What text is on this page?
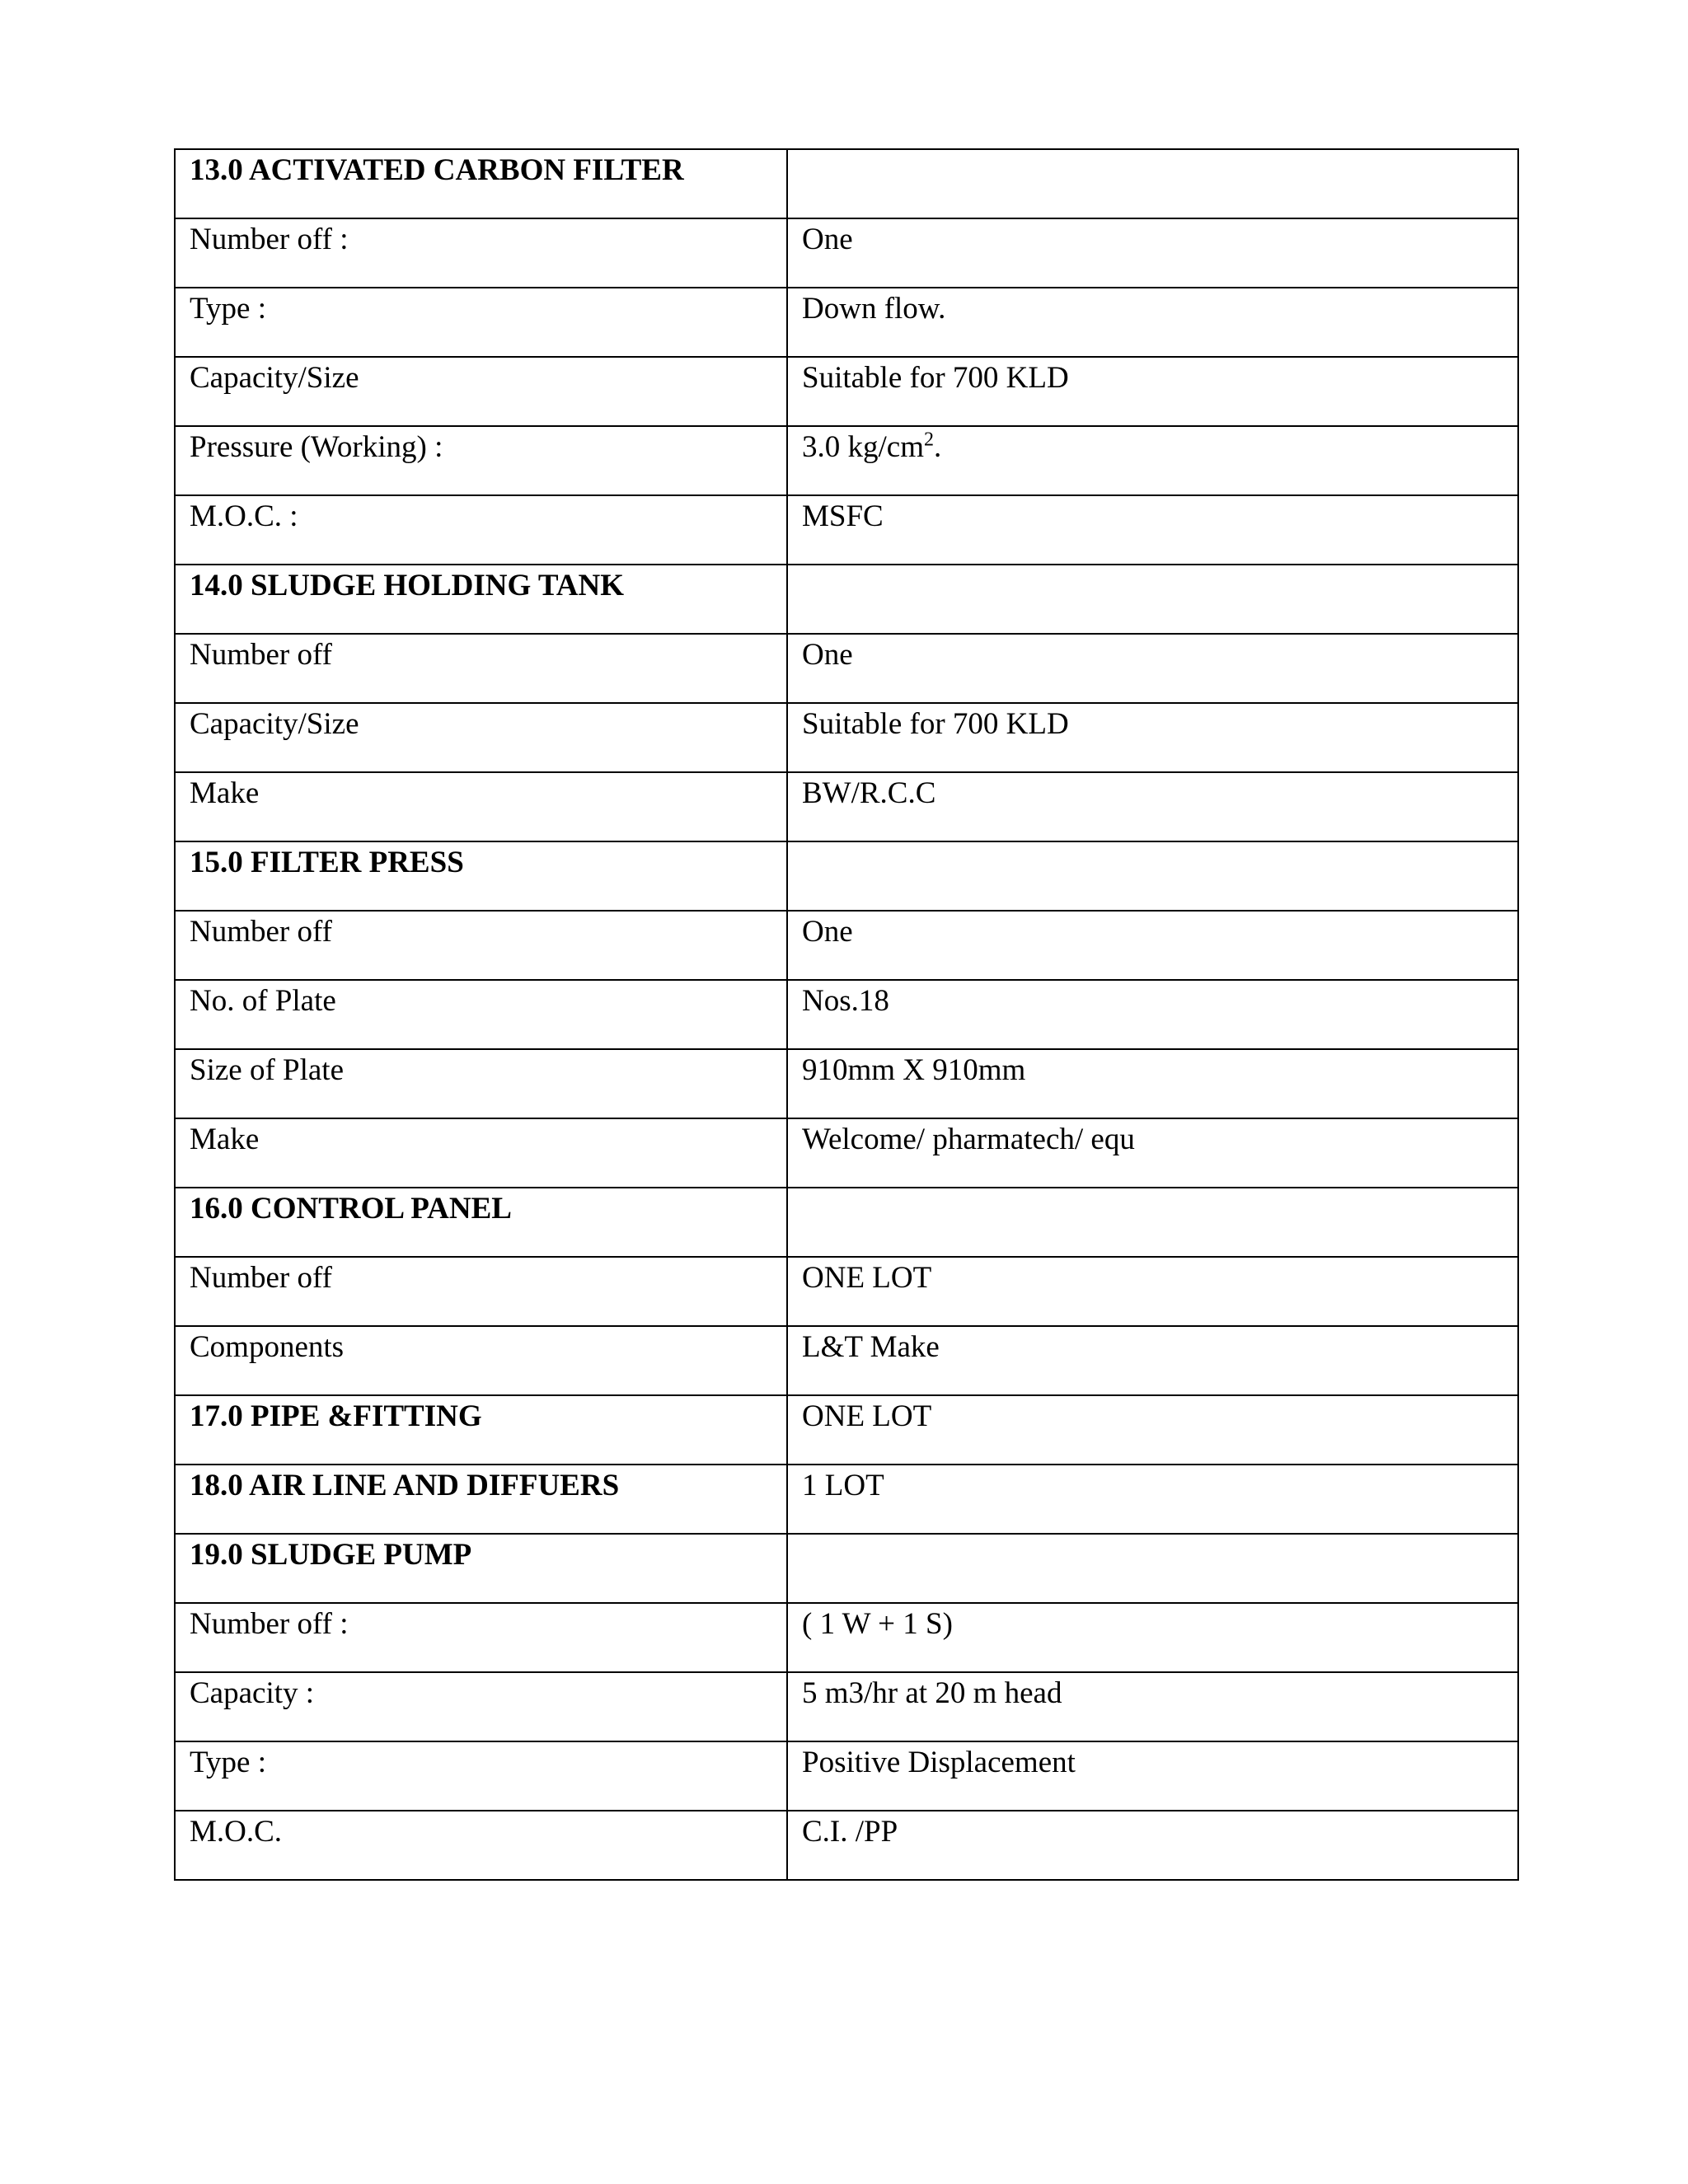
13.0 ACTIVATED CARBON FILTER	

Number off :	One

Type :	Down flow.

Capacity/Size	Suitable for 700 KLD

Pressure (Working) :	3.0 $kg/cm^2$.

M.O.C. :	MSFC

14.0 SLUDGE HOLDING TANK	

Number off	One

Capacity/Size	Suitable for 700 KLD

Make	BW/R.C.C

15.0 FILTER PRESS	

Number off	One

No. of Plate	Nos.18

Size of Plate	910mm X 910mm

Make	Welcome/ pharmatech/ equ

16.0 CONTROL PANEL	

Number off	ONE LOT

Components	L&T Make

17.0 PIPE &FITTING	ONE LOT

18.0 AIR LINE AND DIFFUERS	1 LOT

19.0 SLUDGE PUMP	

Number off :	( 1 W + 1 S)

Capacity :	5 m3/hr at 20 m head

Type :	Positive Displacement

M.O.C.	C.I. /PP
